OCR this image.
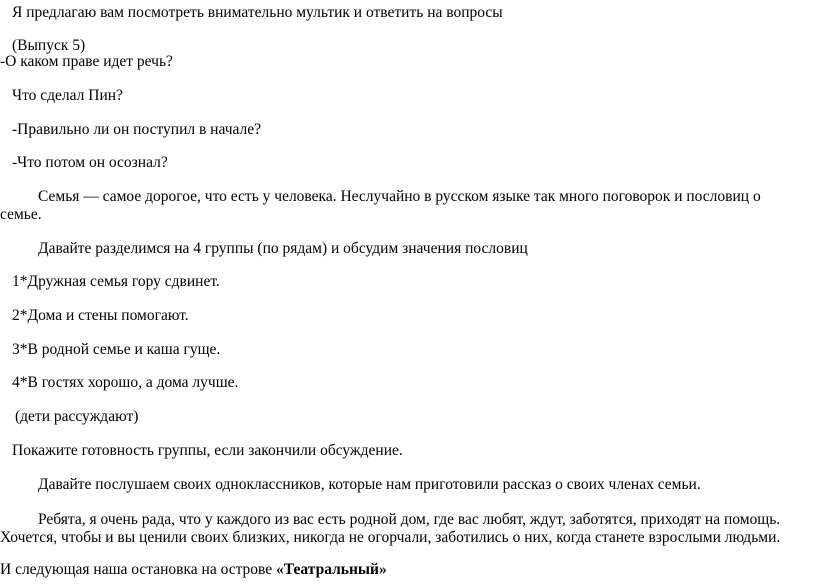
Я предлагаю вам посмотреть внимательно мультик и ответить на вопросы
(Выпуск 5)
-О каком праве идет речь?
Что сделал Пин?
-Правильно ли он поступил в начале?
-Что потом он осознал?
Семья — самое дорогое, что есть у человека. Неслучайно в русском языке так много поговорок и пословиц о семье.
Давайте разделимся на 4 группы (по рядам) и обсудим значения пословиц
1*Дружная семья гору сдвинет.
2*Дома и стены помогают.
3*В родной семье и каша гуще.
4*В гостях хорошо, а дома лучше.
(дети рассуждают)
Покажите готовность группы, если закончили обсуждение.
Давайте послушаем своих одноклассников, которые нам приготовили рассказ о своих членах семьи.
Ребята, я очень рада, что у каждого из вас есть родной дом, где вас любят, ждут, заботятся, приходят на помощь. Хочется, чтобы и вы ценили своих близких, никогда не огорчали, заботились о них, когда станете взрослыми людьми.
И следующая наша остановка на острове «Театральный»
